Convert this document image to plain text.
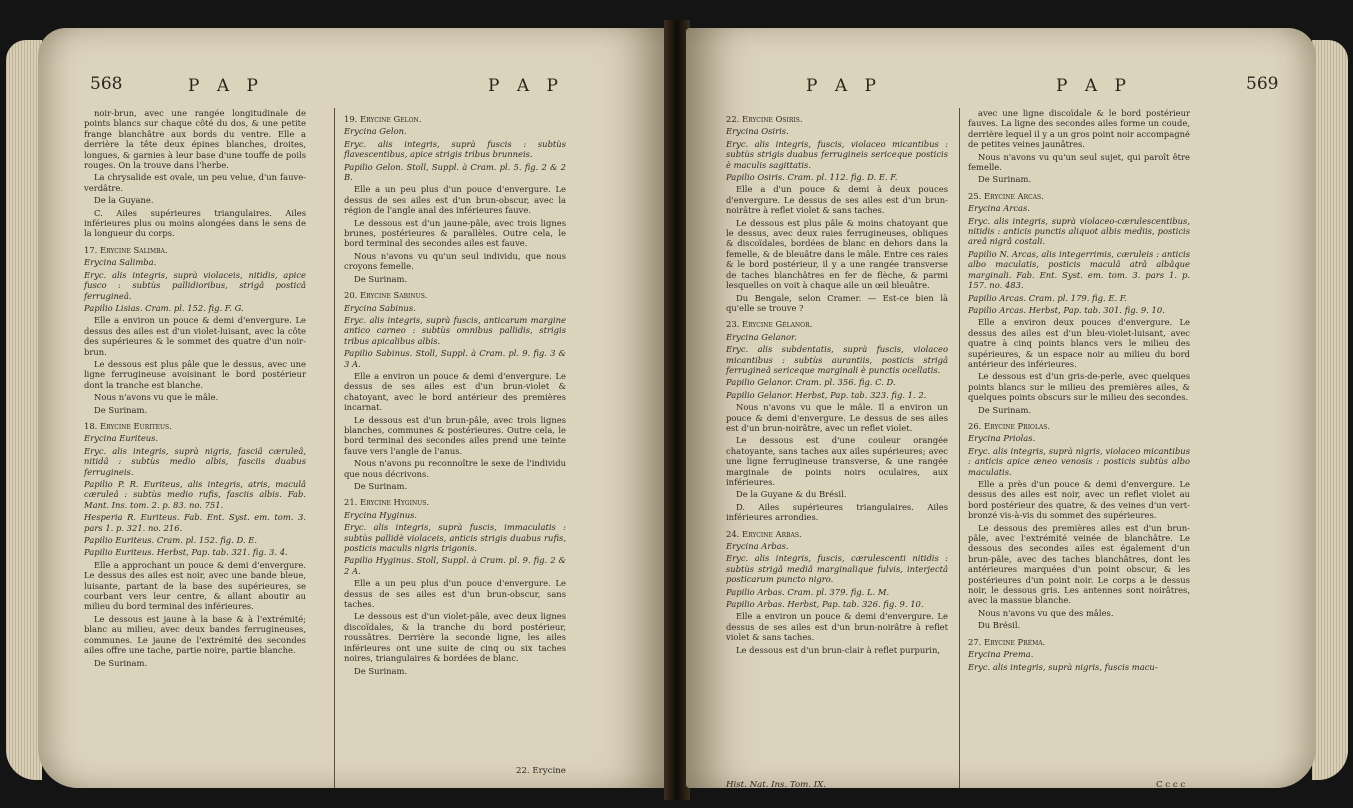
568	P A P	P A P

noir-brun, avec une rangée longitudinale de points blancs sur chaque côté du dos, & une petite frange blanchâtre aux bords du ventre. Elle a derrière la tête deux épines blanches, droites, longues, & garnies à leur base d'une touffe de poils rouges. On la trouve dans l'herbe.

La chrysalide est ovale, un peu velue, d'un fauve-verdâtre.

De la Guyane.

C. Ailes supérieures triangulaires. Ailes inférieures plus ou moins alongées dans le sens de la longueur du corps.

17. Erycine Salimba.

Erycina Salimba.

Eryc. alis integris, suprà violaceis, nitidis, apice fusco : subtùs pallidioribus, strigâ posticâ ferrugineâ.

Papilio Lisias. Cram. pl. 152. fig. F. G.

Elle a environ un pouce & demi d'envergure. Le dessus des ailes est d'un violet-luisant, avec la côte des supérieures & le sommet des quatre d'un noir-brun.

Le dessous est plus pâle que le dessus, avec une ligne ferrugineuse avoisinant le bord postérieur dont la tranche est blanche.

Nous n'avons vu que le mâle.

De Surinam.

18. Erycine Euriteus.

Erycina Euriteus.

Eryc. alis integris, suprà nigris, fasciâ cæruleâ, nitidâ : subtùs medio albis, fasciis duabus ferrugineis.

Papilio P. R. Euriteus, alis integris, atris, maculâ cæruleâ : subtùs medio rufis, fasciis albis. Fab. Mant. Ins. tom. 2. p. 83. no. 751.

Hesperia R. Euriteus. Fab. Ent. Syst. em. tom. 3. pars 1. p. 321. no. 216.

Papilio Euriteus. Cram. pl. 152. fig. D. E.

Papilio Euriteus. Herbst, Pap. tab. 321. fig. 3. 4.

Elle a approchant un pouce & demi d'envergure. Le dessus des ailes est noir, avec une bande bleue, luisante, partant de la base des supérieures, se courbant vers leur centre, & allant aboutir au milieu du bord terminal des inférieures.

Le dessous est jaune à la base & à l'extrémité; blanc au milieu, avec deux bandes ferrugineuses, communes. Le jaune de l'extrémité des secondes ailes offre une tache, partie noire, partie blanche.

De Surinam.

19. Erycine Gelon.

Erycina Gelon.

Eryc. alis integris, suprà fuscis : subtùs flavescentibus, apice strigis tribus brunneis.

Papilio Gelon. Stoll, Suppl. à Cram. pl. 5. fig. 2 & 2 B.

Elle a un peu plus d'un pouce d'envergure. Le dessus de ses ailes est d'un brun-obscur, avec la région de l'angle anal des inférieures fauve.

Le dessous est d'un jaune-pâle, avec trois lignes brunes, postérieures & parallèles. Outre cela, le bord terminal des secondes ailes est fauve.

Nous n'avons vu qu'un seul individu, que nous croyons femelle.

De Surinam.

20. Erycine Sabinus.

Erycina Sabinus.

Eryc. alis integris, suprà fuscis, anticarum margine antico carneo : subtùs omnibus pallidis, strigis tribus apicalibus albis.

Papilio Sabinus. Stoll, Suppl. à Cram. pl. 9. fig. 3 & 3 A.

Elle a environ un pouce & demi d'envergure. Le dessus de ses ailes est d'un brun-violet & chatoyant, avec le bord antérieur des premières incarnat.

Le dessous est d'un brun-pâle, avec trois lignes blanches, communes & postérieures. Outre cela, le bord terminal des secondes ailes prend une teinte fauve vers l'angle de l'anus.

Nous n'avons pu reconnoître le sexe de l'individu que nous décrivons.

De Surinam.

21. Erycine Hyginus.

Erycina Hyginus.

Eryc. alis integris, suprà fuscis, immaculatis : subtùs pallidè violaceis, anticis strigis duabus rufis, posticis maculis nigris trigonis.

Papilio Hyginus. Stoll, Suppl. à Cram. pl. 9. fig. 2 & 2 A.

Elle a un peu plus d'un pouce d'envergure. Le dessus de ses ailes est d'un brun-obscur, sans taches.

Le dessous est d'un violet-pâle, avec deux lignes discoïdales, & la tranche du bord postérieur, roussâtres. Derrière la seconde ligne, les ailes inférieures ont une suite de cinq ou six taches noires, triangulaires & bordées de blanc.

De Surinam.

22. Erycine
P A P	P A P	569

22. Erycine Osiris.

Erycina Osiris.

Eryc. alis integris, fuscis, violaceo micantibus : subtùs strigis duabus ferrugineis sericeque posticis è maculis sagittatis.

Papilio Osiris. Cram. pl. 112. fig. D. E. F.

Elle a d'un pouce & demi à deux pouces d'envergure. Le dessus de ses ailes est d'un brun-noirâtre à reflet violet & sans taches.

Le dessous est plus pâle & moins chatoyant que le dessus, avec deux raies ferrugineuses, obliques & discoïdales, bordées de blanc en dehors dans la femelle, & de bleuâtre dans le mâle. Entre ces raies & le bord postérieur, il y a une rangée transverse de taches blanchâtres en fer de flèche, & parmi lesquelles on voit à chaque aile un œil bleuâtre.

Du Bengale, selon Cramer. — Est-ce bien là qu'elle se trouve ?

23. Erycine Gélanor.

Erycina Gelanor.

Eryc. alis subdentatis, suprà fuscis, violaceo micantibus : subtùs aurantiis, posticis strigâ ferrugineâ sericeque marginali è punctis ocellatis.

Papilio Gelanor. Cram. pl. 356. fig. C. D.

Papilio Gelanor. Herbst, Pap. tab. 323. fig. 1. 2.

Nous n'avons vu que le mâle. Il a environ un pouce & demi d'envergure. Le dessus de ses ailes est d'un brun-noirâtre, avec un reflet violet.

Le dessous est d'une couleur orangée chatoyante, sans taches aux ailes supérieures; avec une ligne ferrugineuse transverse, & une rangée marginale de points noirs oculaires, aux inférieures.

De la Guyane & du Brésil.

D. Ailes supérieures triangulaires. Ailes inférieures arrondies.

24. Erycine Arbas.

Erycina Arbas.

Eryc. alis integris, fuscis, cærulescenti nitidis : subtùs strigâ mediâ marginalique fulvis, interjectâ posticarum puncto nigro.

Papilio Arbas. Cram. pl. 379. fig. L. M.

Papilio Arbas. Herbst, Pap. tab. 326. fig. 9. 10.

Elle a environ un pouce & demi d'envergure. Le dessus de ses ailes est d'un brun-noirâtre à reflet violet & sans taches.

Le dessous est d'un brun-clair à reflet purpurin,

avec une ligne discoïdale & le bord postérieur fauves. La ligne des secondes ailes forme un coude, derrière lequel il y a un gros point noir accompagné de petites veines jaunâtres.

Nous n'avons vu qu'un seul sujet, qui paroît être femelle.

De Surinam.

25. Erycine Arcas.

Erycina Arcas.

Eryc. alis integris, suprà violaceo-cærulescentibus, nitidis : anticis punctis aliquot albis mediis, posticis areâ nigrâ costali.

Papilio N. Arcas, alis integerrimis, cæruleis : anticis albo maculatis, posticis maculâ atrâ albâque marginali. Fab. Ent. Syst. em. tom. 3. pars 1. p. 157. no. 483.

Papilio Arcas. Cram. pl. 179. fig. E. F.

Papilio Arcas. Herbst, Pap. tab. 301. fig. 9. 10.

Elle a environ deux pouces d'envergure. Le dessus des ailes est d'un bleu-violet-luisant, avec quatre à cinq points blancs vers le milieu des supérieures, & un espace noir au milieu du bord antérieur des inférieures.

Le dessous est d'un gris-de-perle, avec quelques points blancs sur le milieu des premières ailes, & quelques points obscurs sur le milieu des secondes.

De Surinam.

26. Erycine Priolas.

Erycina Priolas.

Eryc. alis integris, suprà nigris, violaceo micantibus : anticis apice æneo venosis : posticis subtùs albo maculatis.

Elle a près d'un pouce & demi d'envergure. Le dessus des ailes est noir, avec un reflet violet au bord postérieur des quatre, & des veines d'un vert-bronzé vis-à-vis du sommet des supérieures.

Le dessous des premières ailes est d'un brun-pâle, avec l'extrémité veinée de blanchâtre. Le dessous des secondes ailes est également d'un brun-pâle, avec des taches blanchâtres, dont les antérieures marquées d'un point obscur, & les postérieures d'un point noir. Le corps a le dessus noir, le dessous gris. Les antennes sont noirâtres, avec la massue blanche.

Nous n'avons vu que des mâles.

Du Brésil.

27. Erycine Préma.

Erycina Prema.

Eryc. alis integris, suprà nigris, fuscis macu-

Hist. Nat. Ins. Tom. IX.	C c c c
